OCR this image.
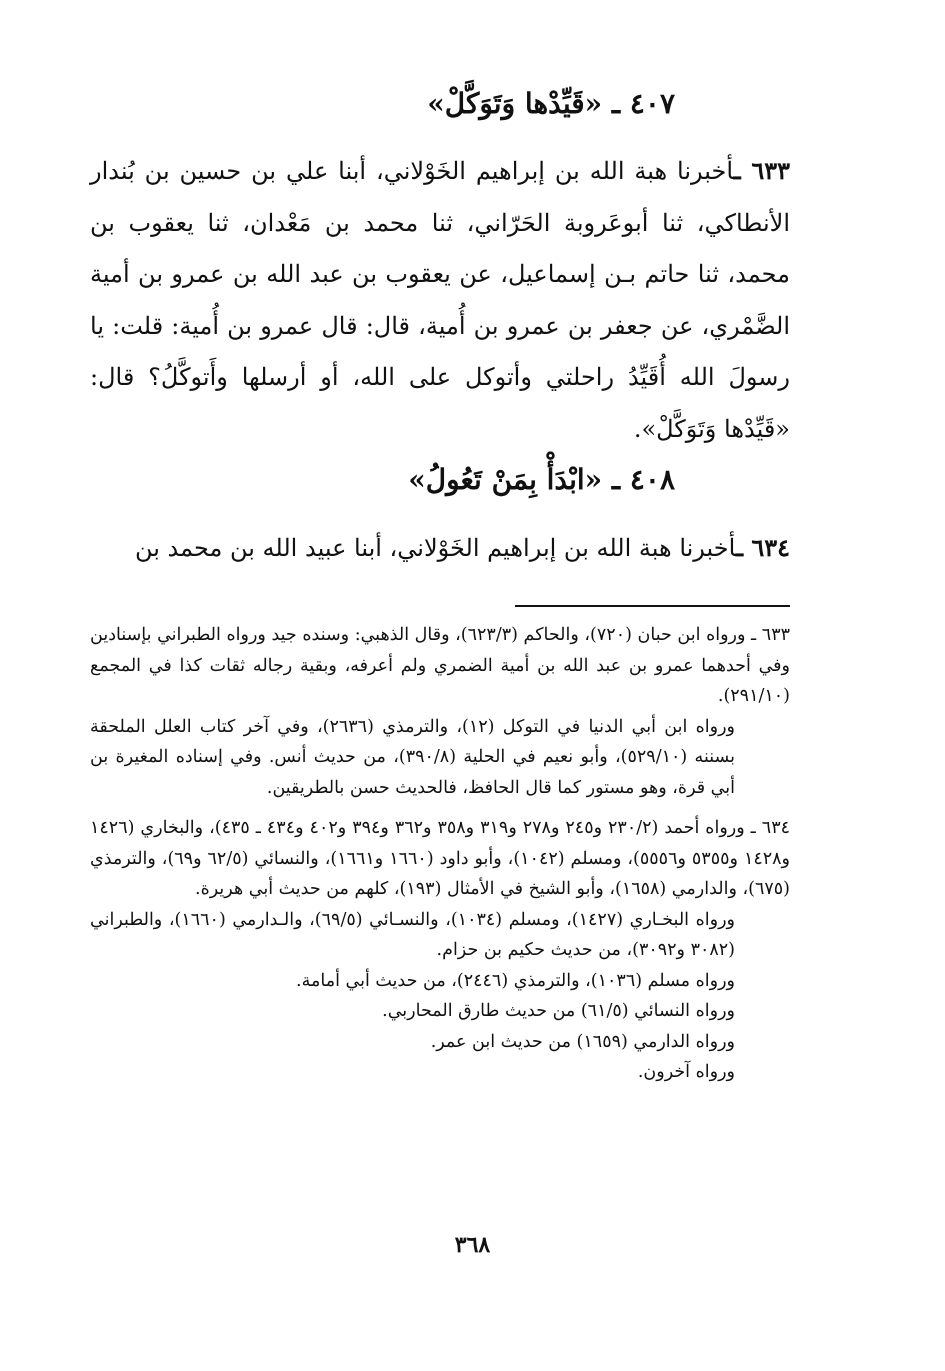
٤٠٧ ـ «قَيِّدْها وَتَوَكَّلْ»
٦٣٣ ـأخبرنا هبة الله بن إبراهيم الخَوْلاني، أبنا علي بن حسين بن بُندار الأنطاكي، ثنا أبوعَروبة الحَرّاني، ثنا محمد بن مَعْدان، ثنا يعقوب بن محمد، ثنا حاتم بـن إسماعيل، عن يعقوب بن عبد الله بن عمرو بن أمية الضَّمْري، عن جعفر بن عمرو بن أُمية، قال: قال عمرو بن أُمية: قلت: يا رسولَ الله أُقَيِّدُ راحلتي وأتوكل على الله، أو أرسلها وأَتوكَّلُ؟ قال: «قَيِّدْها وَتَوَكَّلْ».
٤٠٨ ـ «ابْدَأْ بِمَنْ تَعُولُ»
٦٣٤ ـأخبرنا هبة الله بن إبراهيم الخَوْلاني، أبنا عبيد الله بن محمد بن

٦٣٣ ـ ورواه ابن حبان (٧٢٠)، والحاكم (٦٢٣/٣)، وقال الذهبي: وسنده جيد ورواه الطبراني بإسنادين وفي أحدهما عمرو بن عبد الله بن أمية الضمري ولم أعرفه، وبقية رجاله ثقات كذا في المجمع (٢٩١/١٠).

ورواه ابن أبي الدنيا في التوكل (١٢)، والترمذي (٢٦٣٦)، وفي آخر كتاب العلل الملحقة بسننه (٥٢٩/١٠)، وأبو نعيم في الحلية (٣٩٠/٨)، من حديث أنس. وفي إسناده المغيرة بن أبي قرة، وهو مستور كما قال الحافظ، فالحديث حسن بالطريقين.

٦٣٤ ـ ورواه أحمد (٢٣٠/٢ و٢٤٥ و٢٧٨ و٣١٩ و٣٥٨ و٣٦٢ و٣٩٤ و٤٠٢ و٤٣٤ ـ ٤٣٥)، والبخاري (١٤٢٦ و١٤٢٨ و٥٣٥٥ و٥٥٥٦)، ومسلم (١٠٤٢)، وأبو داود (١٦٦٠ و١٦٦١)، والنسائي (٦٢/٥ و٦٩)، والترمذي (٦٧٥)، والدارمي (١٦٥٨)، وأبو الشيخ في الأمثال (١٩٣)، كلهم من حديث أبي هريرة.

ورواه البخـاري (١٤٢٧)، ومسلم (١٠٣٤)، والنسـائي (٦٩/٥)، والـدارمي (١٦٦٠)، والطبراني (٣٠٨٢ و٣٠٩٢)، من حديث حكيم بن حزام.

ورواه مسلم (١٠٣٦)، والترمذي (٢٤٤٦)، من حديث أبي أمامة.

ورواه النسائي (٦١/٥) من حديث طارق المحاربي.

ورواه الدارمي (١٦٥٩) من حديث ابن عمر.

ورواه آخرون.

٣٦٨
